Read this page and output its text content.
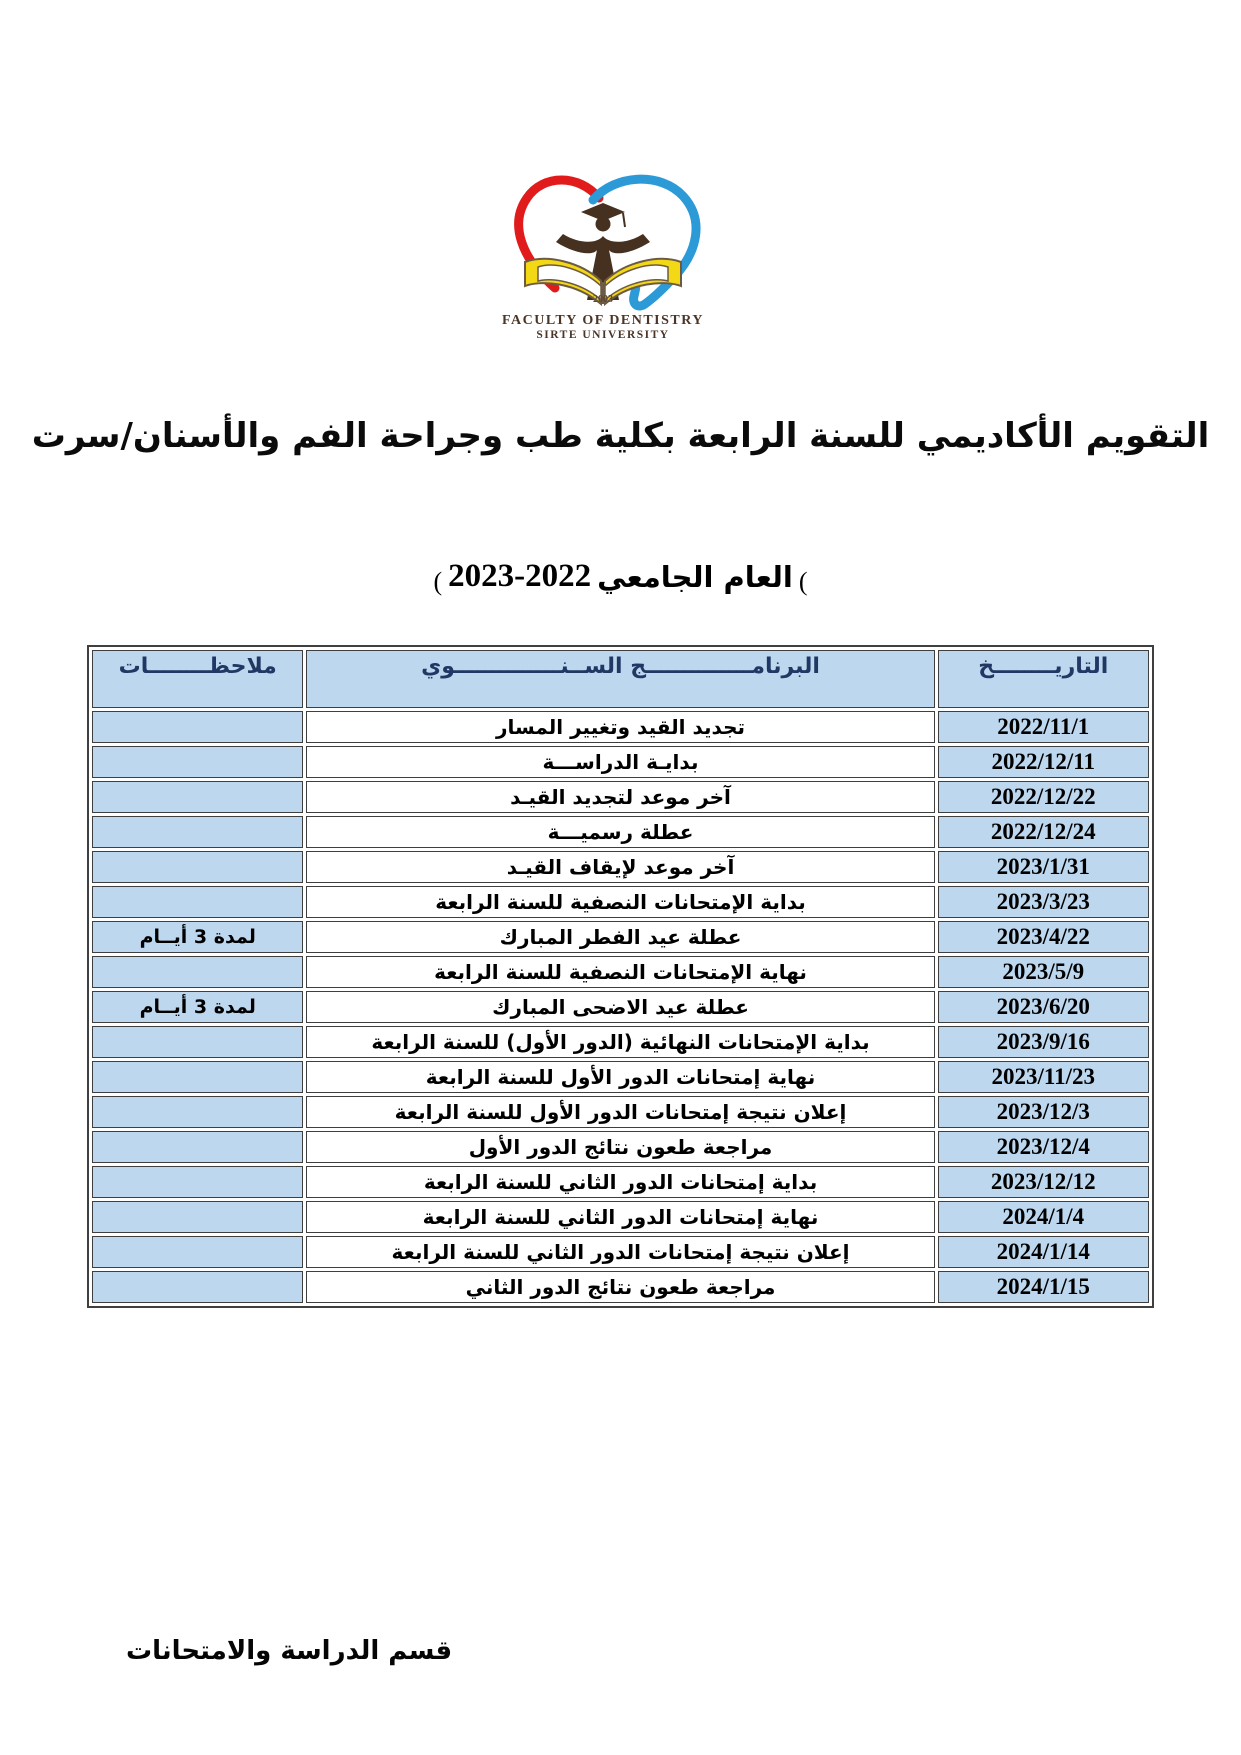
2003
FACULTY OF DENTISTRY
SIRTE UNIVERSITY
التقويم الأكاديمي للسنة الرابعة بكلية طب وجراحة الفم والأسنان/سرت
( 2023-2022 العام الجامعي (
التاريــــــــخ	البرنامــــــــــــــج الســنــــــــــــــوي	ملاحظــــــــات
2022/11/1	تجديد القيد وتغيير المسار	
2022/12/11	بدايـة الدراســـة	
2022/12/22	آخر موعد لتجديد القيـد	
2022/12/24	عطلة رسميـــة	
2023/1/31	آخر موعد لإيقاف القيـد	
2023/3/23	بداية الإمتحانات النصفية للسنة الرابعة	
2023/4/22	عطلة عيد الفطر المبارك	لمدة 3 أيــام
2023/5/9	نهاية الإمتحانات النصفية للسنة الرابعة	
2023/6/20	عطلة عيد الاضحى المبارك	لمدة 3 أيــام
2023/9/16	بداية الإمتحانات النهائية (الدور الأول) للسنة الرابعة	
2023/11/23	نهاية إمتحانات الدور الأول للسنة الرابعة	
2023/12/3	إعلان نتيجة إمتحانات الدور الأول للسنة الرابعة	
2023/12/4	مراجعة طعون نتائج الدور الأول	
2023/12/12	بداية إمتحانات الدور الثاني للسنة الرابعة	
2024/1/4	نهاية إمتحانات الدور الثاني للسنة الرابعة	
2024/1/14	إعلان نتيجة إمتحانات الدور الثاني للسنة الرابعة	
2024/1/15	مراجعة طعون نتائج الدور الثاني	
قسم الدراسة والامتحانات
